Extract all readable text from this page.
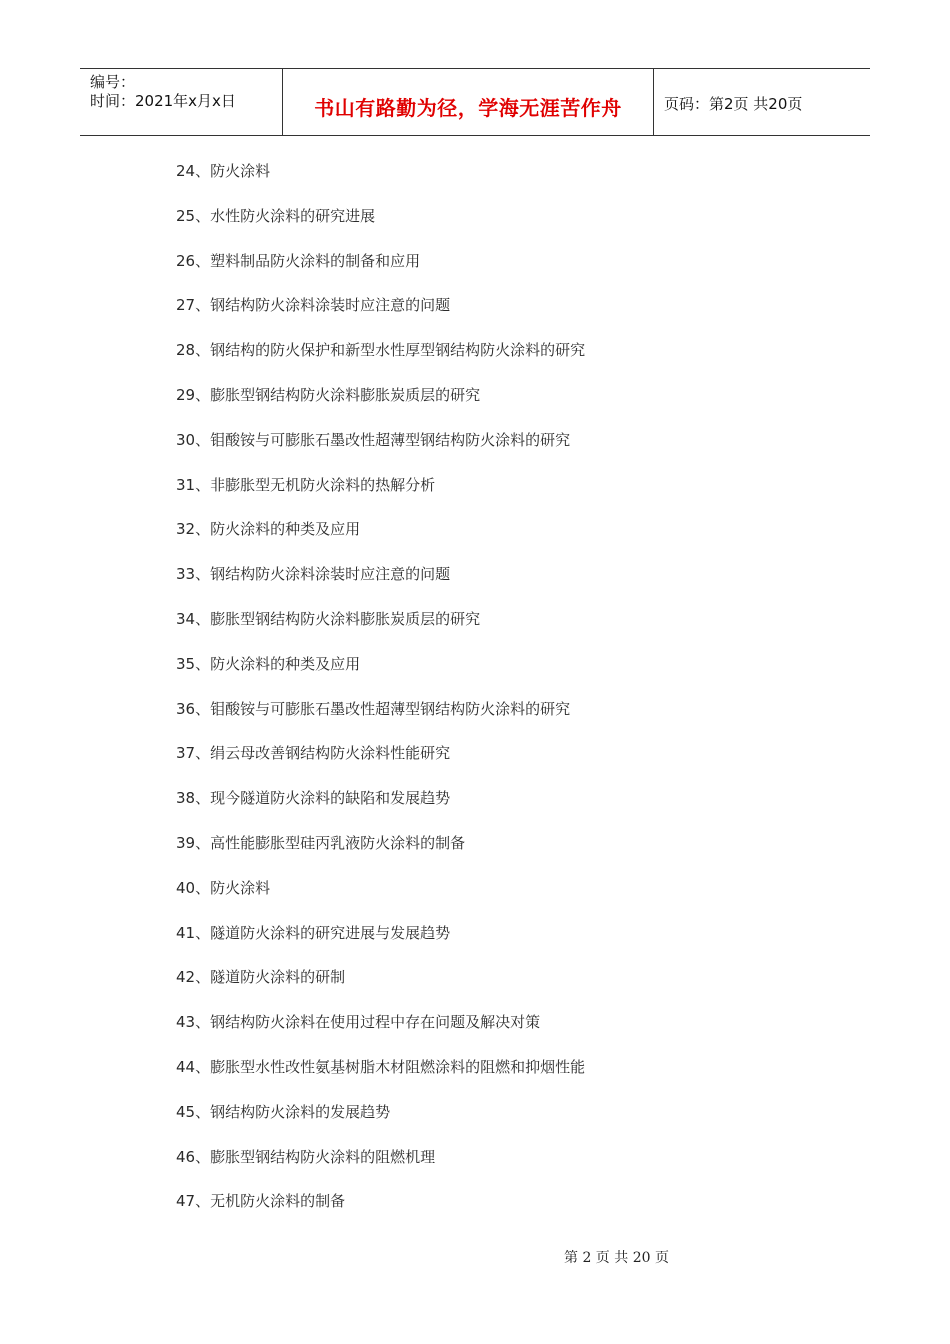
编号：
时间：2021年x月x日	书山有路勤为径，学海无涯苦作舟	页码：第2页 共20页
24、防火涂料
25、水性防火涂料的研究进展
26、塑料制品防火涂料的制备和应用
27、钢结构防火涂料涂装时应注意的问题
28、钢结构的防火保护和新型水性厚型钢结构防火涂料的研究
29、膨胀型钢结构防火涂料膨胀炭质层的研究
30、钼酸铵与可膨胀石墨改性超薄型钢结构防火涂料的研究
31、非膨胀型无机防火涂料的热解分析
32、防火涂料的种类及应用
33、钢结构防火涂料涂装时应注意的问题
34、膨胀型钢结构防火涂料膨胀炭质层的研究
35、防火涂料的种类及应用
36、钼酸铵与可膨胀石墨改性超薄型钢结构防火涂料的研究
37、绢云母改善钢结构防火涂料性能研究
38、现今隧道防火涂料的缺陷和发展趋势
39、高性能膨胀型硅丙乳液防火涂料的制备
40、防火涂料
41、隧道防火涂料的研究进展与发展趋势
42、隧道防火涂料的研制
43、钢结构防火涂料在使用过程中存在问题及解决对策
44、膨胀型水性改性氨基树脂木材阻燃涂料的阻燃和抑烟性能
45、钢结构防火涂料的发展趋势
46、膨胀型钢结构防火涂料的阻燃机理
47、无机防火涂料的制备
第 2 页 共 20 页
